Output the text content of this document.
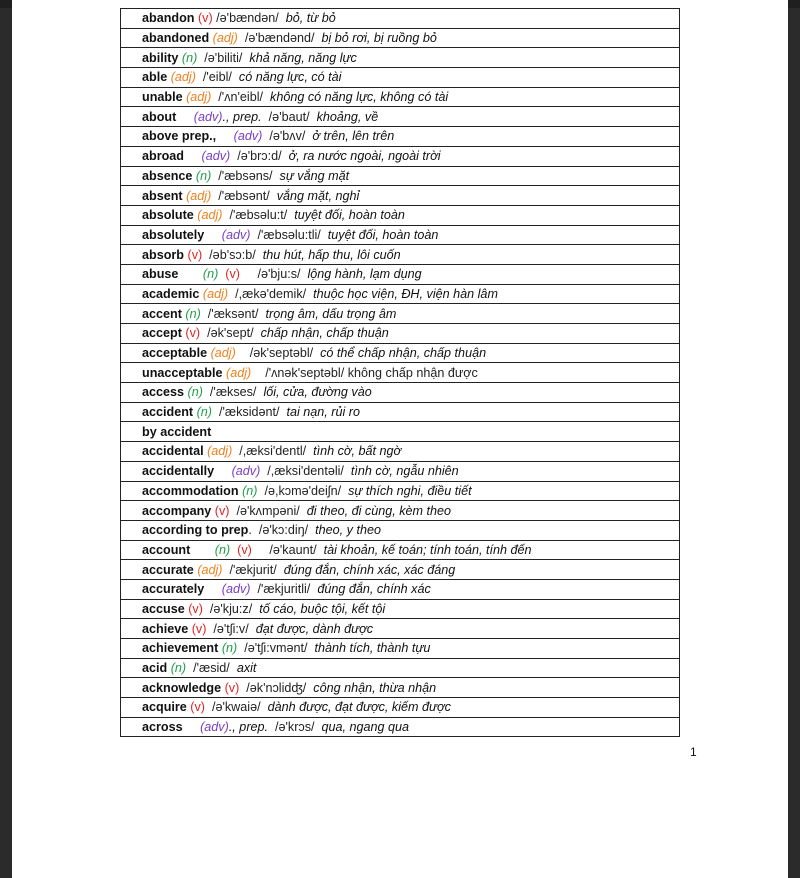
abandon (v) /ə'bændən/  bỏ, từ bỏ
abandoned (adj)  /ə'bændənd/  bị bỏ rơi, bị ruồng bỏ
ability (n)  /ə'biliti/  khả năng, năng lực
able (adj)  /'eibl/  có năng lực, có tài
unable (adj)  /'ʌn'eibl/  không có năng lực, không có tài
about     (adv)., prep.  /ə'baut/  khoảng, về
above prep.,     (adv)  /ə'bʌv/  ở trên, lên trên
abroad     (adv)  /ə'brɔ:d/  ở, ra nước ngoài, ngoài trời
absence (n)  /'æbsəns/  sự vắng mặt
absent (adj)  /'æbsənt/  vắng mặt, nghỉ
absolute (adj)  /'æbsəlu:t/  tuyệt đối, hoàn toàn
absolutely     (adv)  /'æbsəlu:tli/  tuyệt đối, hoàn toàn
absorb (v)  /əb'sɔ:b/  thu hút, hấp thu, lôi cuốn
abuse       (n)  (v)     /ə'bju:s/  lộng hành, lạm dụng
academic (adj)  /,ækə'demik/  thuộc học viện, ĐH, viện hàn lâm
accent (n)  /'æksənt/  trọng âm, dấu trọng âm
accept (v)  /ək'sept/  chấp nhận, chấp thuận
acceptable (adj)    /ək'septəbl/  có thể chấp nhận, chấp thuận
unacceptable (adj)    /'ʌnək'septəbl/ không chấp nhận được
access (n)  /'ækses/  lối, cửa, đường vào
accident (n)  /'æksidənt/  tai nạn, rủi ro
by accident
accidental (adj)  /,æksi'dentl/  tình cờ, bất ngờ
accidentally     (adv)  /,æksi'dentəli/  tình cờ, ngẫu nhiên
accommodation (n)  /ə,kɔmə'deiʃn/  sự thích nghi, điều tiết
accompany (v)  /ə'kʌmpəni/  đi theo, đi cùng, kèm theo
according to prep.  /ə'kɔ:diŋ/  theo, y theo
account       (n)  (v)     /ə'kaunt/  tài khoản, kế toán; tính toán, tính đến
accurate (adj)  /'ækjurit/  đúng đắn, chính xác, xác đáng
accurately     (adv)  /'ækjuritli/  đúng đắn, chính xác
accuse (v)  /ə'kju:z/  tố cáo, buộc tội, kết tội
achieve (v)  /ə'tʃi:v/  đạt được, dành được
achievement (n)  /ə'tʃi:vmənt/  thành tích, thành tựu
acid (n)  /'æsid/  axit
acknowledge (v)  /ək'nɔlidʤ/  công nhận, thừa nhận
acquire (v)  /ə'kwaiə/  dành được, đạt được, kiếm được
across     (adv)., prep.  /ə'krɔs/  qua, ngang qua
1
